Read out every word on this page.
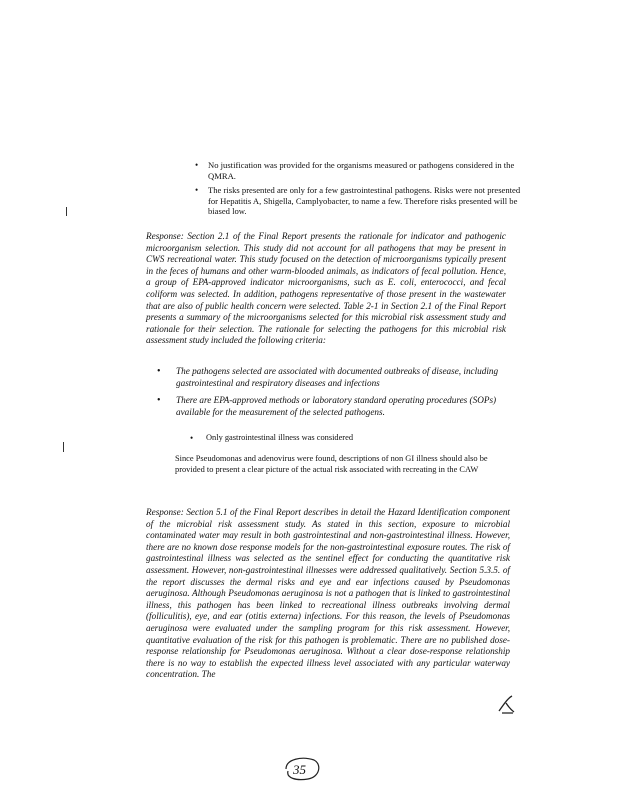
• No justification was provided for the organisms measured or pathogens considered in the QMRA.
• The risks presented are only for a few gastrointestinal pathogens. Risks were not presented for Hepatitis A, Shigella, Camplyobacter, to name a few. Therefore risks presented will be biased low.

Response: Section 2.1 of the Final Report presents the rationale for indicator and pathogenic microorganism selection. This study did not account for all pathogens that may be present in CWS recreational water. This study focused on the detection of microorganisms typically present in the feces of humans and other warm-blooded animals, as indicators of fecal pollution. Hence, a group of EPA-approved indicator microorganisms, such as E. coli, enterococci, and fecal coliform was selected. In addition, pathogens representative of those present in the wastewater that are also of public health concern were selected. Table 2-1 in Section 2.1 of the Final Report presents a summary of the microorganisms selected for this microbial risk assessment study and rationale for their selection. The rationale for selecting the pathogens for this microbial risk assessment study included the following criteria:

• The pathogens selected are associated with documented outbreaks of disease, including gastrointestinal and respiratory diseases and infections
• There are EPA-approved methods or laboratory standard operating procedures (SOPs) available for the measurement of the selected pathogens.
• Only gastrointestinal illness was considered

Since Pseudomonas and adenovirus were found, descriptions of non GI illness should also be provided to present a clear picture of the actual risk associated with recreating in the CAW

Response: Section 5.1 of the Final Report describes in detail the Hazard Identification component of the microbial risk assessment study. As stated in this section, exposure to microbial contaminated water may result in both gastrointestinal and non-gastrointestinal illness. However, there are no known dose response models for the non-gastrointestinal exposure routes. The risk of gastrointestinal illness was selected as the sentinel effect for conducting the quantitative risk assessment. However, non-gastrointestinal illnesses were addressed qualitatively. Section 5.3.5. of the report discusses the dermal risks and eye and ear infections caused by Pseudomonas aeruginosa. Although Pseudomonas aeruginosa is not a pathogen that is linked to gastrointestinal illness, this pathogen has been linked to recreational illness outbreaks involving dermal (folliculitis), eye, and ear (otitis externa) infections. For this reason, the levels of Pseudomonas aeruginosa were evaluated under the sampling program for this risk assessment. However, quantitative evaluation of the risk for this pathogen is problematic. There are no published dose-response relationship for Pseudomonas aeruginosa. Without a clear dose-response relationship there is no way to establish the expected illness level associated with any particular waterway concentration. The

35
